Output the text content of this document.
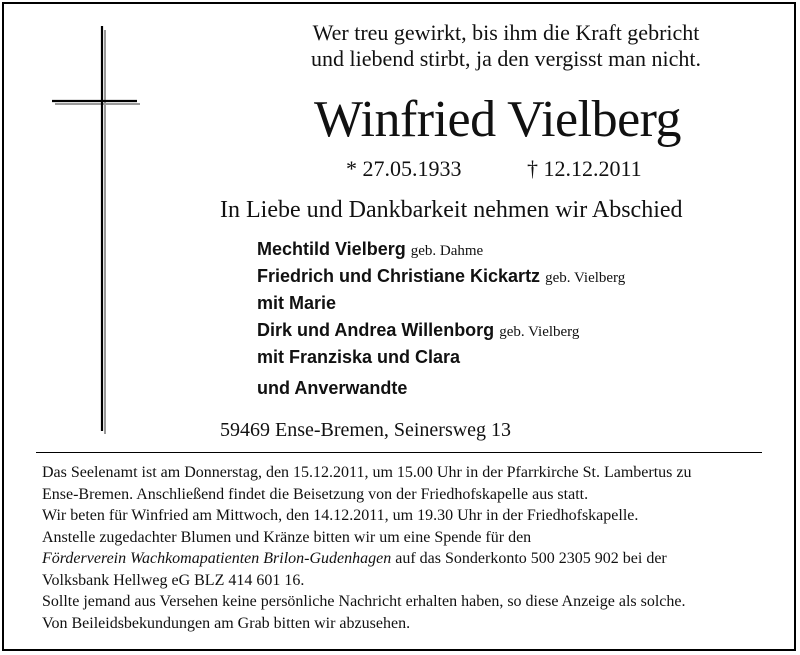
Wer treu gewirkt, bis ihm die Kraft gebricht
und liebend stirbt, ja den vergisst man nicht.
Winfried Vielberg
* 27.05.1933	† 12.12.2011
In Liebe und Dankbarkeit nehmen wir Abschied
Mechtild Vielberg geb. Dahme
Friedrich und Christiane Kickartz geb. Vielberg
mit Marie
Dirk und Andrea Willenborg geb. Vielberg
mit Franziska und Clara
und Anverwandte
59469 Ense-Bremen, Seinersweg 13
Das Seelenamt ist am Donnerstag, den 15.12.2011, um 15.00 Uhr in der Pfarrkirche St. Lambertus zu
Ense-Bremen. Anschließend findet die Beisetzung von der Friedhofskapelle aus statt.
Wir beten für Winfried am Mittwoch, den 14.12.2011, um 19.30 Uhr in der Friedhofskapelle.
Anstelle zugedachter Blumen und Kränze bitten wir um eine Spende für den
Förderverein Wachkomapatienten Brilon-Gudenhagen auf das Sonderkonto 500 2305 902 bei der
Volksbank Hellweg eG BLZ 414 601 16.
Sollte jemand aus Versehen keine persönliche Nachricht erhalten haben, so diese Anzeige als solche.
Von Beileidsbekundungen am Grab bitten wir abzusehen.
